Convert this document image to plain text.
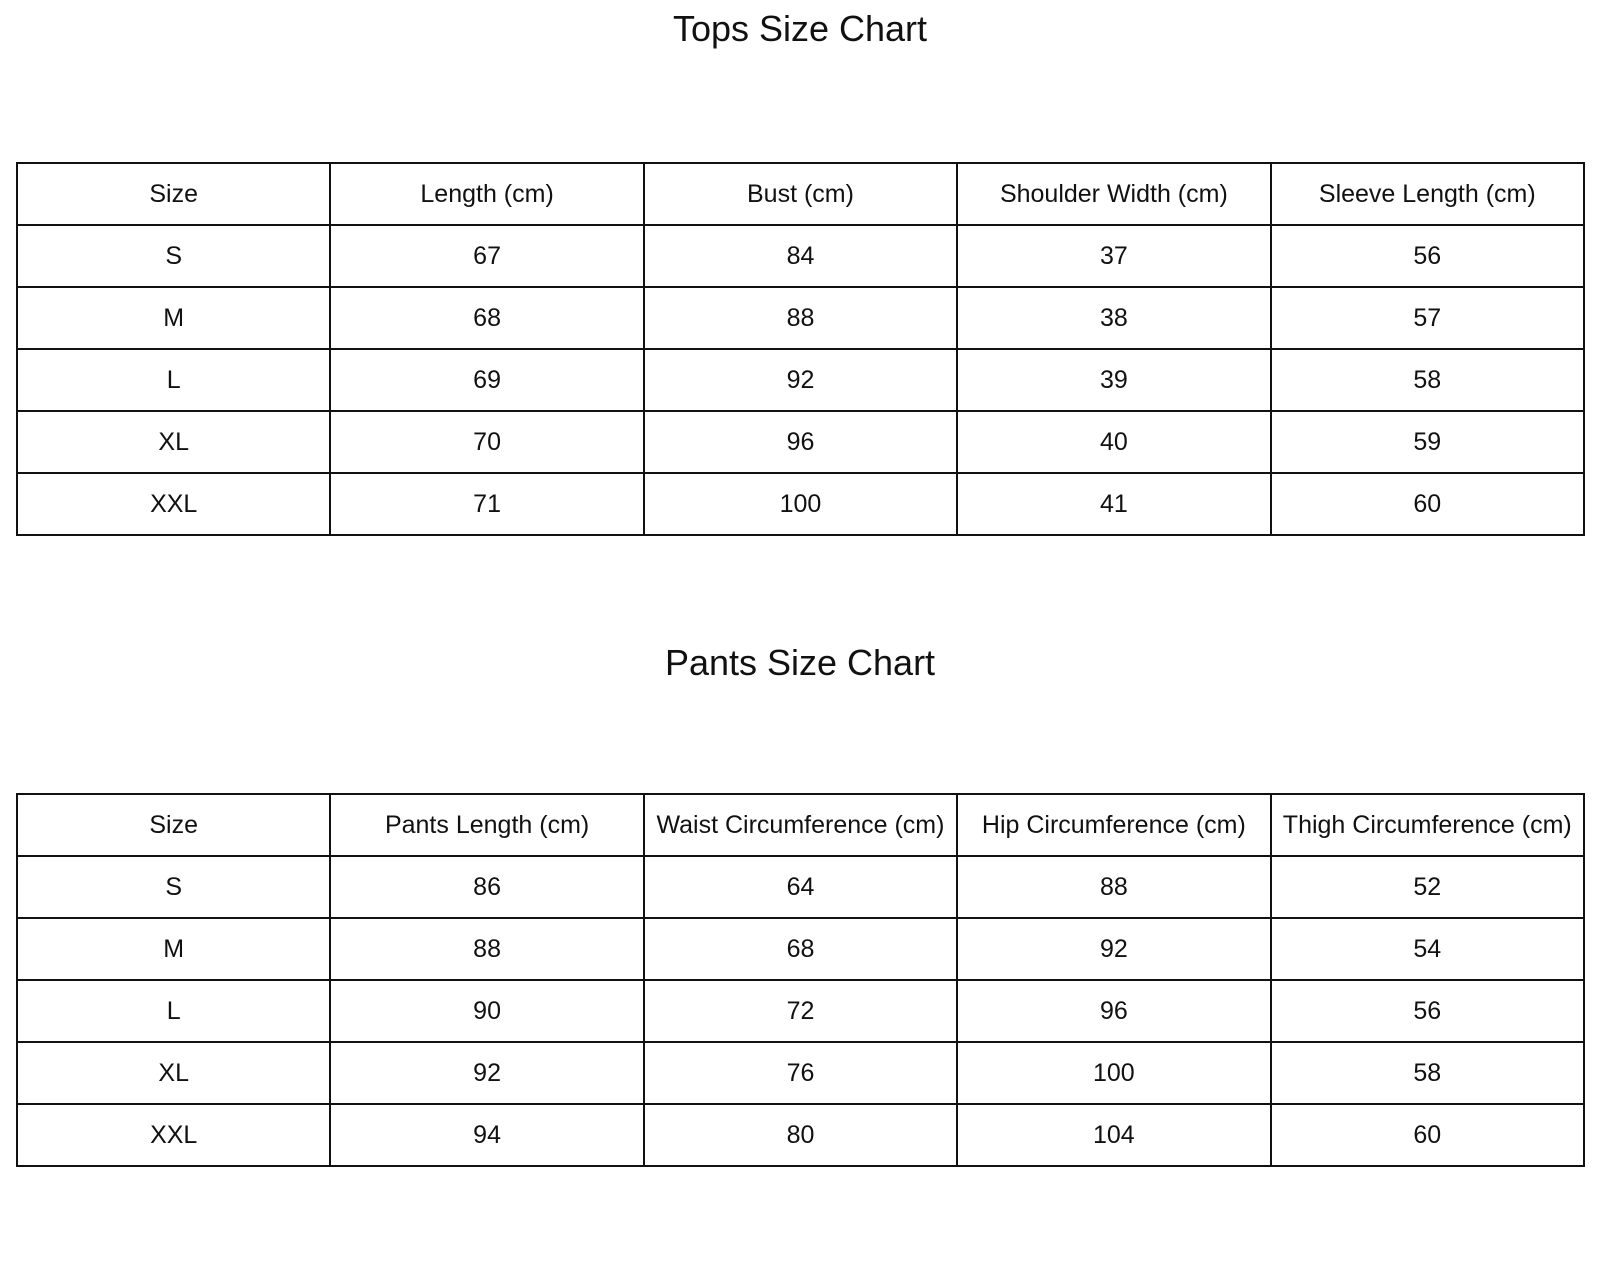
Tops Size Chart
Size	Length (cm)	Bust (cm)	Shoulder Width (cm)	Sleeve Length (cm)
S	67	84	37	56
M	68	88	38	57
L	69	92	39	58
XL	70	96	40	59
XXL	71	100	41	60
Pants Size Chart
Size	Pants Length (cm)	Waist Circumference (cm)	Hip Circumference (cm)	Thigh Circumference (cm)
S	86	64	88	52
M	88	68	92	54
L	90	72	96	56
XL	92	76	100	58
XXL	94	80	104	60
